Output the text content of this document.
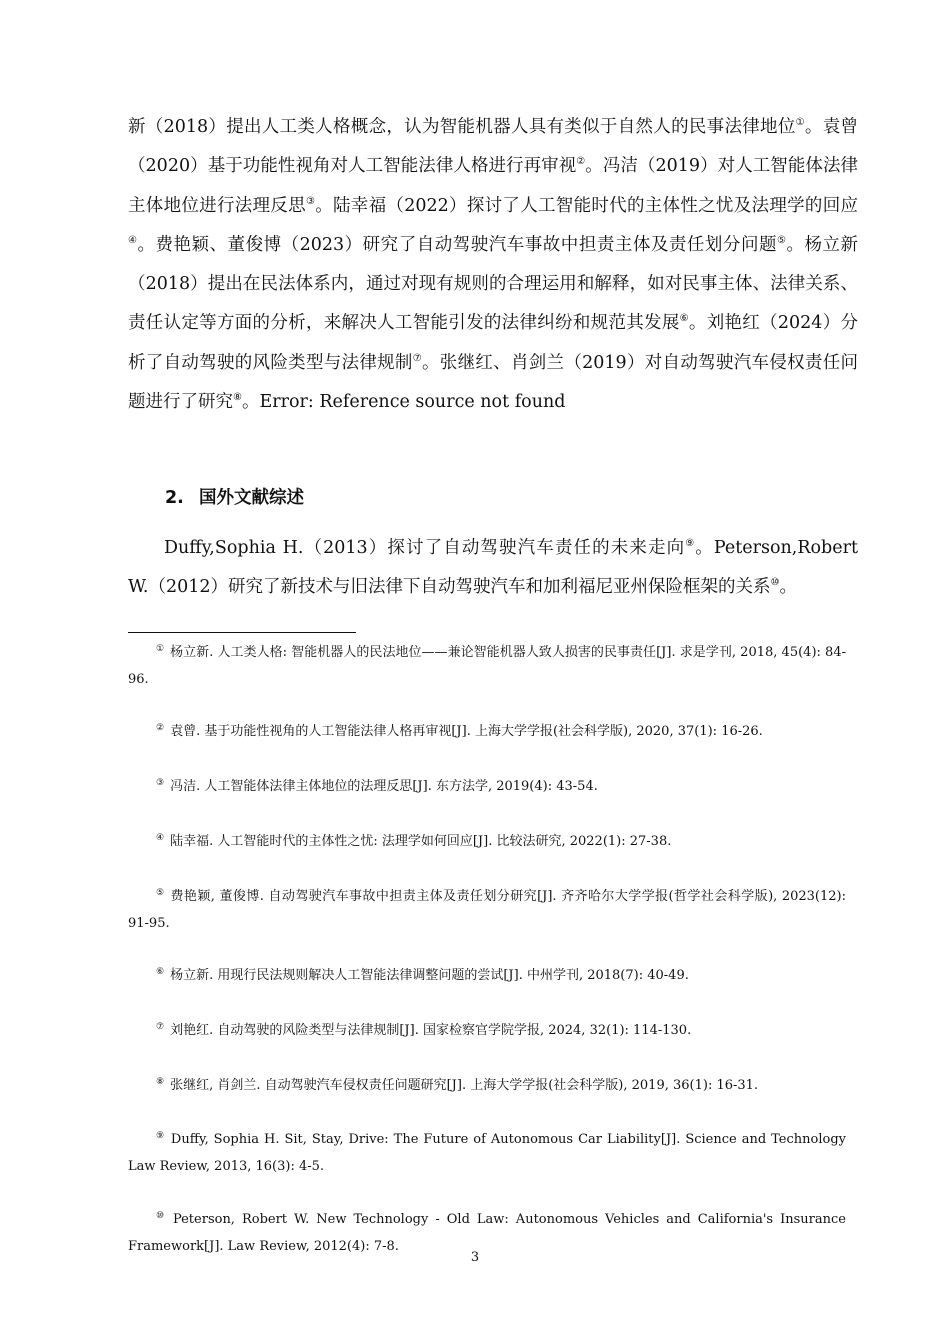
新（2018）提出人工类人格概念，认为智能机器人具有类似于自然人的民事法律地位①。袁曾（2020）基于功能性视角对人工智能法律人格进行再审视②。冯洁（2019）对人工智能体法律主体地位进行法理反思③。陆幸福（2022）探讨了人工智能时代的主体性之忧及法理学的回应④。费艳颖、董俊博（2023）研究了自动驾驶汽车事故中担责主体及责任划分问题⑤。杨立新（2018）提出在民法体系内，通过对现有规则的合理运用和解释，如对民事主体、法律关系、责任认定等方面的分析，来解决人工智能引发的法律纠纷和规范其发展⑥。刘艳红（2024）分析了自动驾驶的风险类型与法律规制⑦。张继红、肖剑兰（2019）对自动驾驶汽车侵权责任问题进行了研究⑧。Error: Reference source not found

2. 国外文献综述

Duffy,Sophia H.（2013）探讨了自动驾驶汽车责任的未来走向⑨。Peterson,Robert W.（2012）研究了新技术与旧法律下自动驾驶汽车和加利福尼亚州保险框架的关系⑩。

① 杨立新. 人工类人格: 智能机器人的民法地位——兼论智能机器人致人损害的民事责任[J]. 求是学刊, 2018, 45(4): 84-96.
② 袁曾. 基于功能性视角的人工智能法律人格再审视[J]. 上海大学学报(社会科学版), 2020, 37(1): 16-26.
③ 冯洁. 人工智能体法律主体地位的法理反思[J]. 东方法学, 2019(4): 43-54.
④ 陆幸福. 人工智能时代的主体性之忧: 法理学如何回应[J]. 比较法研究, 2022(1): 27-38.
⑤ 费艳颖, 董俊博. 自动驾驶汽车事故中担责主体及责任划分研究[J]. 齐齐哈尔大学学报(哲学社会科学版), 2023(12): 91-95.
⑥ 杨立新. 用现行民法规则解决人工智能法律调整问题的尝试[J]. 中州学刊, 2018(7): 40-49.
⑦ 刘艳红. 自动驾驶的风险类型与法律规制[J]. 国家检察官学院学报, 2024, 32(1): 114-130.
⑧ 张继红, 肖剑兰. 自动驾驶汽车侵权责任问题研究[J]. 上海大学学报(社会科学版), 2019, 36(1): 16-31.
⑨ Duffy, Sophia H. Sit, Stay, Drive: The Future of Autonomous Car Liability[J]. Science and Technology Law Review, 2013, 16(3): 4-5.
⑩ Peterson, Robert W. New Technology - Old Law: Autonomous Vehicles and California's Insurance Framework[J]. Law Review, 2012(4): 7-8.
3
